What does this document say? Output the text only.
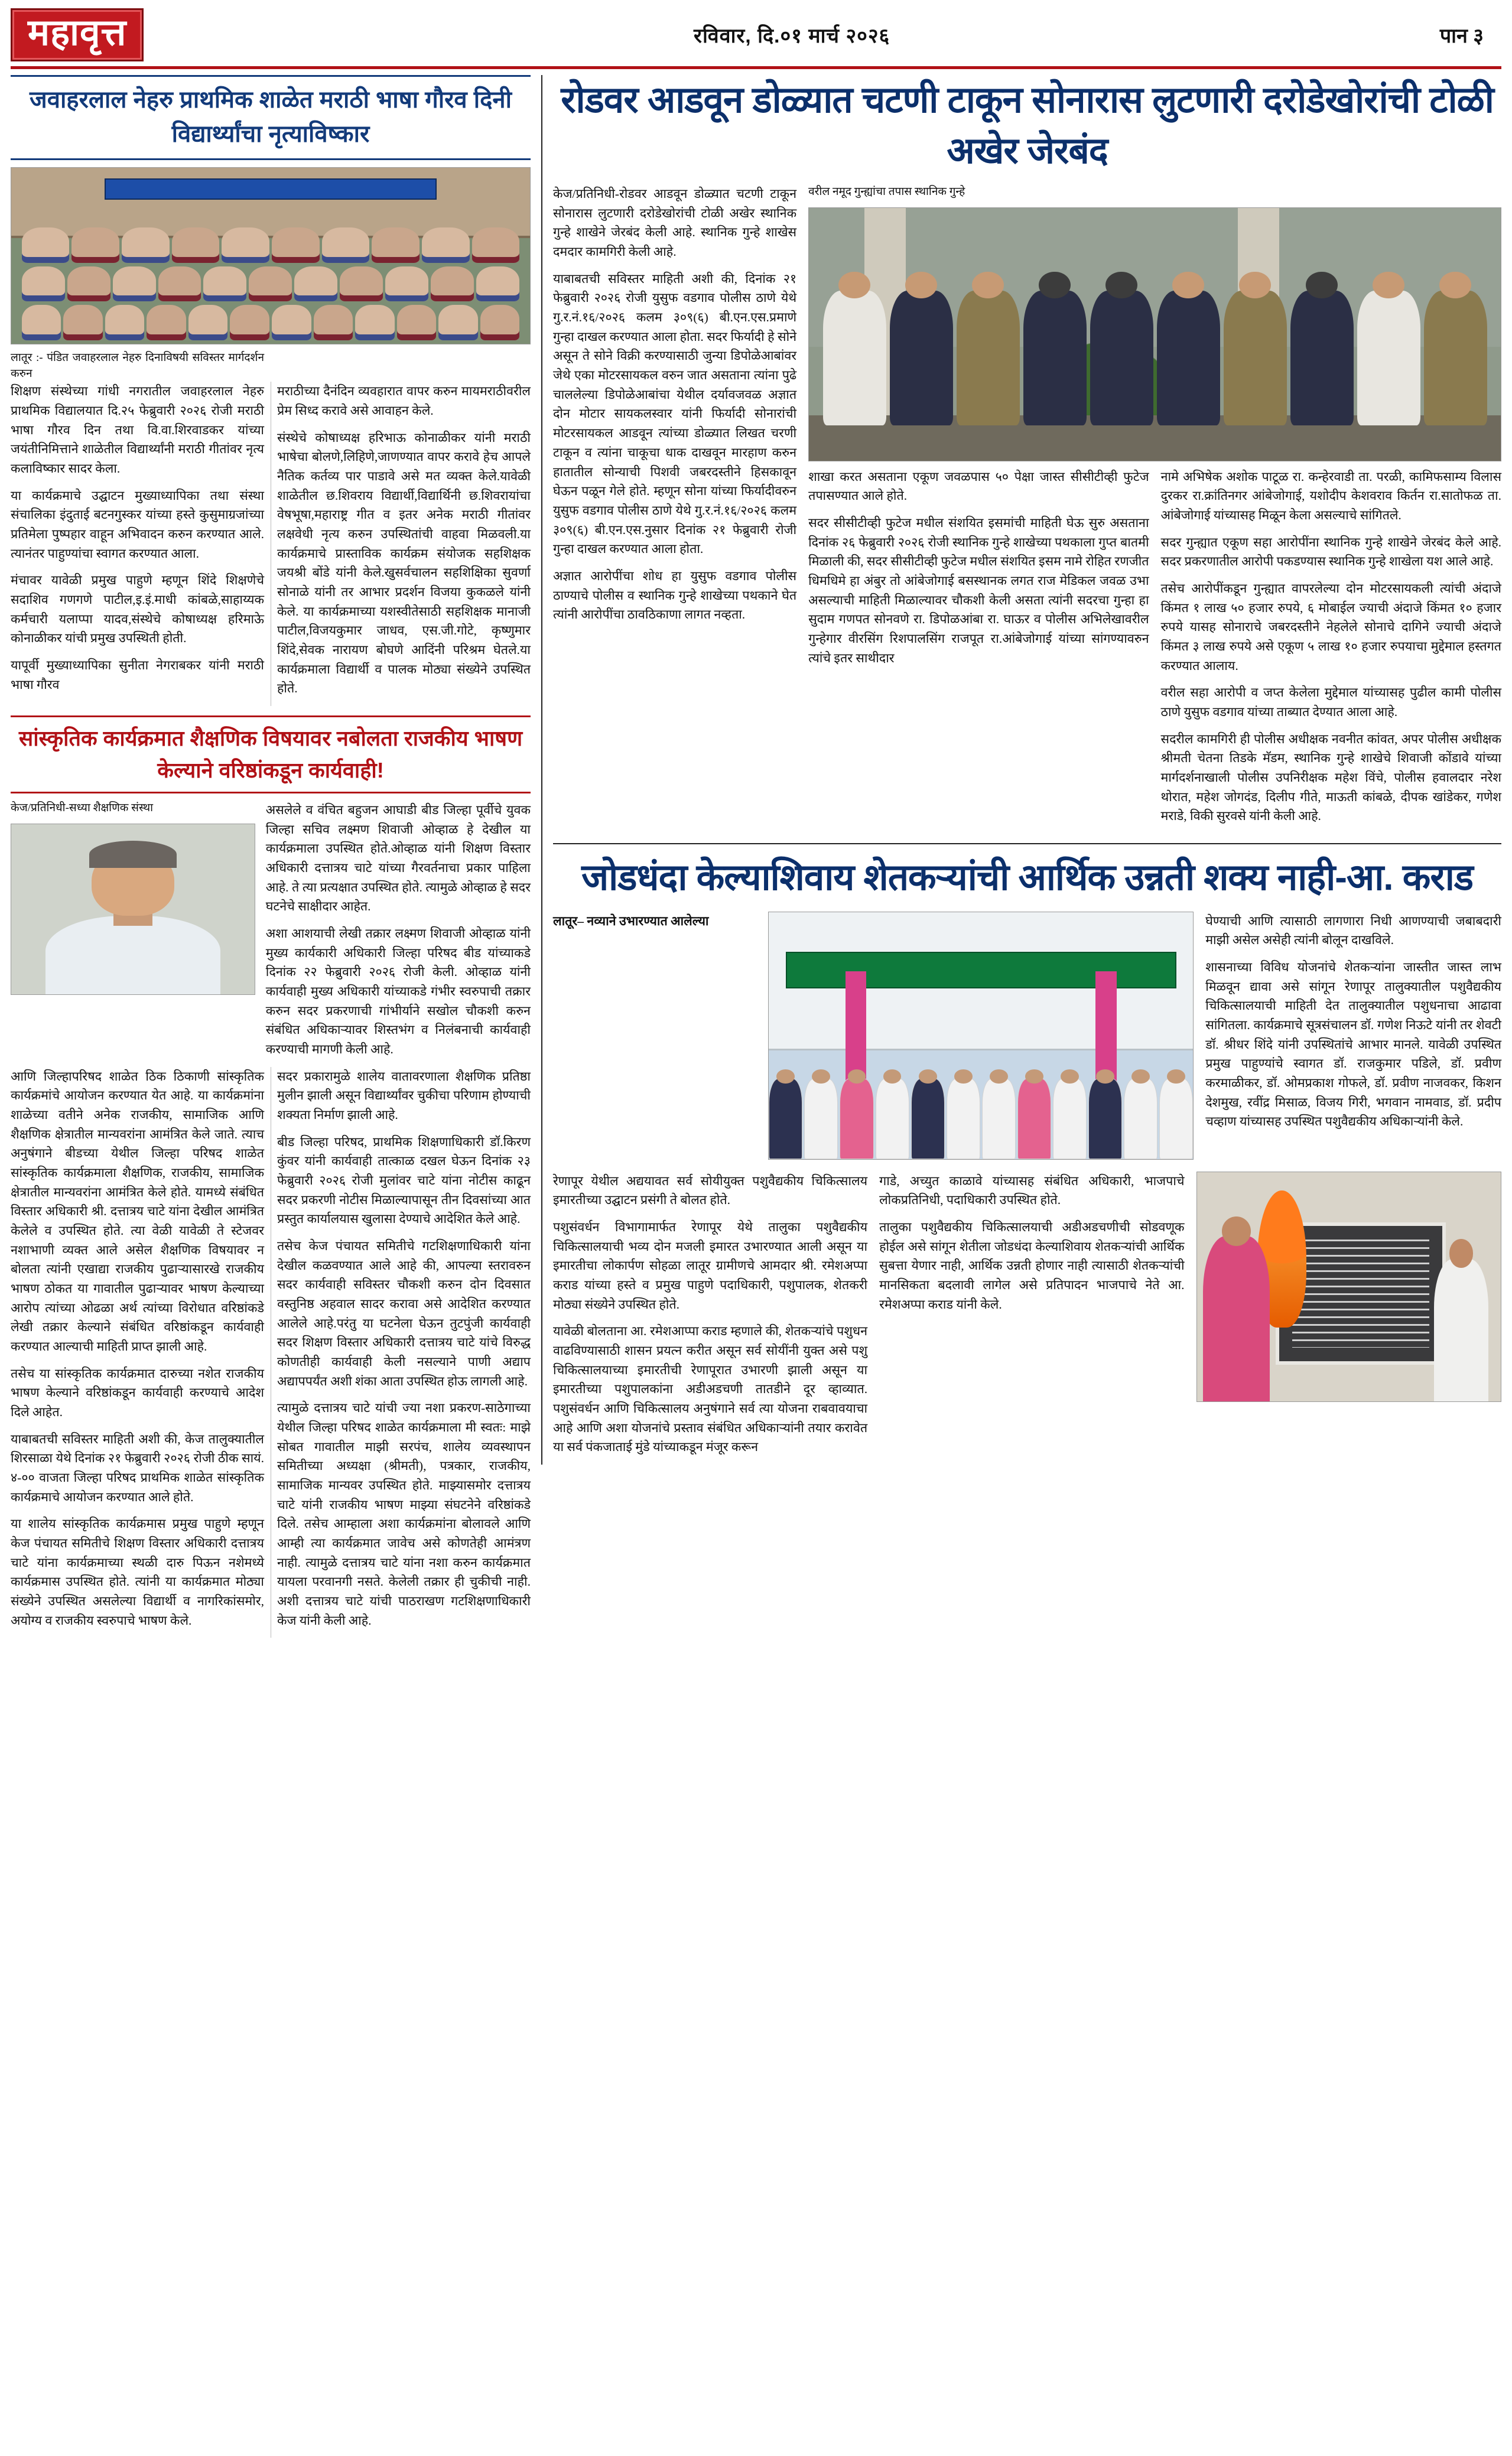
महावृत्त	रविवार, दि.०१ मार्च २०२६	पान ३
जवाहरलाल नेहरु प्राथमिक शाळेत मराठी भाषा गौरव दिनी विद्यार्थ्यांचा नृत्याविष्कार
लातूर :- पंडित जवाहरलाल नेहरु दिनाविषयी सविस्तर मार्गदर्शन करुन

शिक्षण संस्थेच्या गांधी नगरातील जवाहरलाल नेहरु प्राथमिक विद्यालयात दि.२५ फेब्रुवारी २०२६ रोजी मराठी भाषा गौरव दिन तथा वि.वा.शिरवाडकर यांच्या जयंतीनिमित्ताने शाळेतील विद्यार्थ्यांनी मराठी गीतांवर नृत्य कलाविष्कार सादर केला.

या कार्यक्रमाचे उद्घाटन मुख्याध्यापिका तथा संस्था संचालिका इंदुताई बटनगुस्कर यांच्या हस्ते कुसुमाग्रजांच्या प्रतिमेला पुष्पहार वाहून अभिवादन करुन करण्यात आले. त्यानंतर पाहुण्यांचा स्वागत करण्यात आला.

मंचावर यावेळी प्रमुख पाहुणे म्हणून शिंदे शिक्षणेचे सदाशिव गणगणे पाटील,इ.इं.माधी कांबळे,साहाय्यक कर्मचारी यलाप्पा यादव,संस्थेचे कोषाध्यक्ष हरिमाऊे कोनाळीकर यांची प्रमुख उपस्थिती होती.

यापूर्वी मुख्याध्यापिका सुनीता नेगराबकर यांनी मराठी भाषा गौरव

मराठीच्या दैनंदिन व्यवहारात वापर करुन मायमराठीवरील प्रेम सिध्द करावे असे आवाहन केले.

संस्थेचे कोषाध्यक्ष हरिभाऊ कोनाळीकर यांनी मराठी भाषेचा बोलणे,लिहिणे,जाणण्यात वापर करावे हेच आपले नैतिक कर्तव्य पार पाडावे असे मत व्यक्त केले.यावेळी शाळेतील छ.शिवराय विद्यार्थी,विद्यार्थिनी छ.शिवरायांचा वेषभूषा,महाराष्ट्र गीत व इतर अनेक मराठी गीतांवर लक्षवेधी नृत्य करुन उपस्थितांची वाहवा मिळवली.या कार्यक्रमाचे प्रास्ताविक कार्यक्रम संयोजक सहशिक्षक जयश्री बोंडे यांनी केले.खुसर्वचालन सहशिक्षिका सुवर्णा सोनाळे यांनी तर आभार प्रदर्शन विजया कुकळले यांनी केले. या कार्यक्रमाच्या यशस्वीतेसाठी सहशिक्षक मानाजी पाटील,विजयकुमार जाधव, एस.जी.गोटे, कृष्णुमार शिंदे,सेवक नारायण बोघणे आदिंनी परिश्रम घेतले.या कार्यक्रमाला विद्यार्थी व पालक मोठ्या संख्येने उपस्थित होते.

सांस्कृतिक कार्यक्रमात शैक्षणिक विषयावर नबोलता राजकीय भाषण केल्याने वरिष्ठांकडून कार्यवाही!
केज/प्रतिनिधी-सध्या शैक्षणिक संस्था	असलेले व वंचित बहुजन आघाडी बीड जिल्हा पूर्वीचे युवक जिल्हा सचिव लक्ष्मण शिवाजी ओव्हाळ हे देखील या कार्यक्रमाला उपस्थित होते.ओव्हाळ यांनी शिक्षण विस्तार अधिकारी दत्तात्रय चाटे यांच्या गैरवर्तनाचा प्रकार पाहिला आहे. ते त्या प्रत्यक्षात उपस्थित होते. त्यामुळे ओव्हाळ हे सदर घटनेचे साक्षीदार आहेत.

अशा आशयाची लेखी तक्रार लक्ष्मण शिवाजी ओव्हाळ यांनी मुख्य कार्यकारी अधिकारी जिल्हा परिषद बीड यांच्याकडे दिनांक २२ फेब्रुवारी २०२६ रोजी केली. ओव्हाळ यांनी कार्यवाही मुख्य अधिकारी यांच्याकडे गंभीर स्वरुपाची तक्रार करुन सदर प्रकरणाची गांभीर्याने सखोल चौकशी करुन संबंधित अधिकाऱ्यावर शिस्तभंग व निलंबनाची कार्यवाही करण्याची मागणी केली आहे.

आणि जिल्हापरिषद शाळेत ठिक ठिकाणी सांस्कृतिक कार्यक्रमांचे आयोजन करण्यात येत आहे. या कार्यक्रमांना शाळेच्या वतीने अनेक राजकीय, सामाजिक आणि शैक्षणिक क्षेत्रातील मान्यवरांना आमंत्रित केले जाते. त्याच अनुषंगाने बीडच्या येथील जिल्हा परिषद शाळेत सांस्कृतिक कार्यक्रमाला शैक्षणिक, राजकीय, सामाजिक क्षेत्रातील मान्यवरांना आमंत्रित केले होते. यामध्ये संबंधित विस्तार अधिकारी श्री. दत्तात्रय चाटे यांना देखील आमंत्रित केलेले व उपस्थित होते. त्या वेळी यावेळी ते स्टेजवर नशाभाणी व्यक्त आले असेल शैक्षणिक विषयावर न बोलता त्यांनी एखाद्या राजकीय पुढाऱ्यासारखे राजकीय भाषण ठोकत या गावातील पुढाऱ्यावर भाषण केल्याच्या आरोप त्यांच्या ओढळा अर्थ त्यांच्या विरोधात वरिष्ठांकडे लेखी तक्रार केल्याने संबंधित वरिष्ठांकडून कार्यवाही करण्यात आल्याची माहिती प्राप्त झाली आहे.

तसेच या सांस्कृतिक कार्यक्रमात दारुच्या नशेत राजकीय भाषण केल्याने वरिष्ठांकडून कार्यवाही करण्याचे आदेश दिले आहेत.

याबाबतची सविस्तर माहिती अशी की, केज तालुक्यातील शिरसाळा येथे दिनांक २१ फेब्रुवारी २०२६ रोजी ठीक सायं. ४-०० वाजता जिल्हा परिषद प्राथमिक शाळेत सांस्कृतिक कार्यक्रमाचे आयोजन करण्यात आले होते.

या शालेय सांस्कृतिक कार्यक्रमास प्रमुख पाहुणे म्हणून केज पंचायत समितीचे शिक्षण विस्तार अधिकारी दत्तात्रय चाटे यांना कार्यक्रमाच्या स्थळी दारु पिऊन नशेमध्ये कार्यक्रमास उपस्थित होते. त्यांनी या कार्यक्रमात मोठ्या संख्येने उपस्थित असलेल्या विद्यार्थी व नागरिकांसमोर, अयोग्य व राजकीय स्वरुपाचे भाषण केले.

सदर प्रकारामुळे शालेय वातावरणाला शैक्षणिक प्रतिष्ठा मुलीन झाली असून विद्यार्थ्यांवर चुकीचा परिणाम होण्याची शक्यता निर्माण झाली आहे.

बीड जिल्हा परिषद, प्राथमिक शिक्षणाधिकारी डॉ.किरण कुंवर यांनी कार्यवाही तात्काळ दखल घेऊन दिनांक २३ फेब्रुवारी २०२६ रोजी मुलांवर चाटे यांना नोटीस काढून सदर प्रकरणी नोटीस मिळाल्यापासून तीन दिवसांच्या आत प्रस्तुत कार्यालयास खुलासा देण्याचे आदेशित केले आहे.

तसेच केज पंचायत समितीचे गटशिक्षणाधिकारी यांना देखील कळवण्यात आले आहे की, आपल्या स्तरावरुन सदर कार्यवाही सविस्तर चौकशी करुन दोन दिवसात वस्तुनिष्ठ अहवाल सादर करावा असे आदेशित करण्यात आलेले आहे.परंतु या घटनेला घेऊन तुटपुंजी कार्यवाही सदर शिक्षण विस्तार अधिकारी दत्तात्रय चाटे यांचे विरुद्ध कोणतीही कार्यवाही केली नसल्याने पाणी अद्याप अद्यापपर्यंत अशी शंका आता उपस्थित होऊ लागली आहे.

त्यामुळे दत्तात्रय चाटे यांची ज्या नशा प्रकरण-साठेगाच्या येथील जिल्हा परिषद शाळेत कार्यक्रमाला मी स्वतः: माझे सोबत गावातील माझी सरपंच, शालेय व्यवस्थापन समितीच्या अध्यक्षा (श्रीमती), पत्रकार, राजकीय, सामाजिक मान्यवर उपस्थित होते. माझ्यासमोर दत्तात्रय चाटे यांनी राजकीय भाषण माझ्या संघटनेने वरिष्ठांकडे दिले. तसेच आम्हाला अशा कार्यक्रमांना बोलावले आणि आम्ही त्या कार्यक्रमात जावेच असे कोणतेही आमंत्रण नाही. त्यामुळे दत्तात्रय चाटे यांना नशा करुन कार्यक्रमात यायला परवानगी नसते. केलेली तक्रार ही चुकीची नाही. अशी दत्तात्रय चाटे यांची पाठराखण गटशिक्षणाधिकारी केज यांनी केली आहे.

रोडवर आडवून डोळ्यात चटणी टाकून सोनारास लुटणारी दरोडेखोरांची टोळी अखेर जेरबंद

केज/प्रतिनिधी-रोडवर आडवून डोळ्यात चटणी टाकून सोनारास लुटणारी दरोडेखोरांची टोळी अखेर स्थानिक गुन्हे शाखेने जेरबंद केली आहे. स्थानिक गुन्हे शाखेस दमदार कामगिरी केली आहे.

याबाबतची सविस्तर माहिती अशी की, दिनांक २१ फेब्रुवारी २०२६ रोजी युसुफ वडगाव पोलीस ठाणे येथे गु.र.नं.१६/२०२६ कलम ३०९(६) बी.एन.एस.प्रमाणे गुन्हा दाखल करण्यात आला होता. सदर फिर्यादी हे सोने असून ते सोने विक्री करण्यासाठी जुन्या डिपोळेआबांवर जेथे एका मोटरसायकल वरुन जात असताना त्यांना पुढे चाललेल्या डिपोळेआबांचा येथील दर्यावजवळ अज्ञात दोन मोटार सायकलस्वार यांनी फिर्यादी सोनारांची मोटरसायकल आडवून त्यांच्या डोळ्यात लिखत चरणी टाकून व त्यांना चाकूचा धाक दाखवून मारहाण करुन हातातील सोन्याची पिशवी जबरदस्तीने हिसकावून घेऊन पळून गेले होते. म्हणून सोना यांच्या फिर्यादीवरुन युसुफ वडगाव पोलीस ठाणे येथे गु.र.नं.१६/२०२६ कलम ३०९(६) बी.एन.एस.नुसार दिनांक २१ फेब्रुवारी रोजी गुन्हा दाखल करण्यात आला होता.

अज्ञात आरोपींचा शोध हा युसुफ वडगाव पोलीस ठाण्याचे पोलीस व स्थानिक गुन्हे शाखेच्या पथकाने घेत त्यांनी आरोपींचा ठावठिकाणा लागत नव्हता.

वरील नमूद गुन्ह्यांचा तपास स्थानिक गुन्हे

शाखा करत असताना एकूण जवळपास ५० पेक्षा जास्त सीसीटीव्ही फुटेज तपासण्यात आले होते.

सदर सीसीटीव्ही फुटेज मधील संशयित इसमांची माहिती घेऊ सुरु असताना दिनांक २६ फेब्रुवारी २०२६ रोजी स्थानिक गुन्हे शाखेच्या पथकाला गुप्त बातमी मिळाली की, सदर सीसीटीव्ही फुटेज मधील संशयित इसम नामे रोहित रणजीत धिमधिमे हा अंबुर तो आंबेजोगाई बसस्थानक लगत राज मेडिकल जवळ उभा असल्याची माहिती मिळाल्यावर चौकशी केली असता त्यांनी सदरचा गुन्हा हा सुदाम गणपत सोनवणे रा. डिपोळआंबा रा. घाऊर व पोलीस अभिलेखावरील गुन्हेगार वीरसिंग रिशपालसिंग राजपूत रा.आंबेजोगाई यांच्या सांगण्यावरुन त्यांचे इतर साथीदार

नामे अभिषेक अशोक पाटूळ रा. कन्हेरवाडी ता. परळी, कामिफसाम्य विलास दुरकर रा.क्रांतिनगर आंबेजोगाई, यशोदीप केशवराव किर्तन रा.सातोफळ ता. आंबेजोगाई यांच्यासह मिळून केला असल्याचे सांगितले.

सदर गुन्ह्यात एकूण सहा आरोपींना स्थानिक गुन्हे शाखेने जेरबंद केले आहे. सदर प्रकरणातील आरोपी पकडण्यास स्थानिक गुन्हे शाखेला यश आले आहे.

तसेच आरोपींकडून गुन्ह्यात वापरलेल्या दोन मोटरसायकली त्यांची अंदाजे किंमत १ लाख ५० हजार रुपये, ६ मोबाईल ज्याची अंदाजे किंमत १० हजार रुपये यासह सोनाराचे जबरदस्तीने नेहलेले सोनाचे दागिने ज्याची अंदाजे किंमत ३ लाख रुपये असे एकूण ५ लाख १० हजार रुपयाचा मुद्देमाल हस्तगत करण्यात आलाय.

वरील सहा आरोपी व जप्त केलेला मुद्देमाल यांच्यासह पुढील कामी पोलीस ठाणे युसुफ वडगाव यांच्या ताब्यात देण्यात आला आहे.

सदरील कामगिरी ही पोलीस अधीक्षक नवनीत कांवत, अपर पोलीस अधीक्षक श्रीमती चेतना तिडके मॅडम, स्थानिक गुन्हे शाखेचे शिवाजी कोंडावे यांच्या मार्गदर्शनाखाली पोलीस उपनिरीक्षक महेश विंचे, पोलीस हवालदार नरेश थोरात, महेश जोगदंड, दिलीप गीते, माऊती कांबळे, दीपक खांडेकर, गणेश मराडे, विकी सुरवसे यांनी केली आहे.

जोडधंदा केल्याशिवाय शेतकऱ्यांची आर्थिक उन्नती शक्य नाही-आ. कराड

लातूर– नव्याने उभारण्यात आलेल्या	घेण्याची आणि त्यासाठी लागणारा निधी आणण्याची जबाबदारी माझी असेल असेही त्यांनी बोलून दाखविले.

शासनाच्या विविध योजनांचे शेतकऱ्यांना जास्तीत जास्त लाभ मिळवून द्यावा असे सांगून रेणापूर तालुक्यातील पशुवैद्यकीय चिकित्सालयाची माहिती देत तालुक्यातील पशुधनाचा आढावा सांगितला. कार्यक्रमाचे सूत्रसंचालन डॉ. गणेश निऊटे यांनी तर शेवटी डॉ. श्रीधर शिंदे यांनी उपस्थितांचे आभार मानले. यावेळी उपस्थित प्रमुख पाहुण्यांचे स्वागत डॉ. राजकुमार पडिले, डॉ. प्रवीण करमाळीकर, डॉ. ओमप्रकाश गोफले, डॉ. प्रवीण नाजवकर, किशन देशमुख, रवींद्र मिसाळ, विजय गिरी, भगवान नामवाड, डॉ. प्रदीप चव्हाण यांच्यासह उपस्थित पशुवैद्यकीय अधिकाऱ्यांनी केले.

रेणापूर येथील अद्ययावत सर्व सोयीयुक्त पशुवैद्यकीय चिकित्सालय इमारतीच्या उद्घाटन प्रसंगी ते बोलत होते.

पशुसंवर्धन विभागामार्फत रेणापूर येथे तालुका पशुवैद्यकीय चिकित्सालयाची भव्य दोन मजली इमारत उभारण्यात आली असून या इमारतीचा लोकार्पण सोहळा लातूर ग्रामीणचे आमदार श्री. रमेशअप्पा कराड यांच्या हस्ते व प्रमुख पाहुणे पदाधिकारी, पशुपालक, शेतकरी मोठ्या संख्येने उपस्थित होते.

यावेळी बोलताना आ. रमेशआप्पा कराड म्हणाले की, शेतकऱ्यांचे पशुधन वाढविण्यासाठी शासन प्रयत्न करीत असून सर्व सोयींनी युक्त असे पशु चिकित्सालयाच्या इमारतीची रेणापूरात उभारणी झाली असून या इमारतीच्या पशुपालकांना अडीअडचणी तातडीने दूर व्हाव्यात. पशुसंवर्धन आणि चिकित्सालय अनुषंगाने सर्व त्या योजना राबवावयाचा आहे आणि अशा योजनांचे प्रस्ताव संबंधित अधिकाऱ्यांनी तयार करावेत या सर्व पंकजाताई मुंडे यांच्याकडून मंजूर करून

गाडे, अच्युत काळावे यांच्यासह संबंधित अधिकारी, भाजपाचे लोकप्रतिनिधी, पदाधिकारी उपस्थित होते.

तालुका पशुवैद्यकीय चिकित्सालयाची अडीअडचणीची सोडवणूक होईल असे सांगून शेतीला जोडधंदा केल्याशिवाय शेतकऱ्यांची आर्थिक सुबत्ता येणार नाही, आर्थिक उन्नती होणार नाही त्यासाठी शेतकऱ्यांची मानसिकता बदलावी लागेल असे प्रतिपादन भाजपाचे नेते आ. रमेशअप्पा कराड यांनी केले.
